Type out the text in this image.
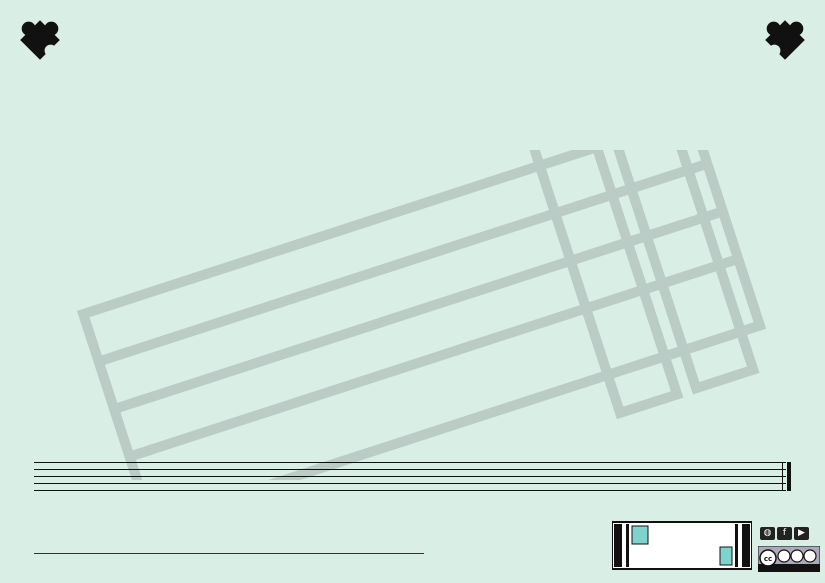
◍	f	▶
cc
